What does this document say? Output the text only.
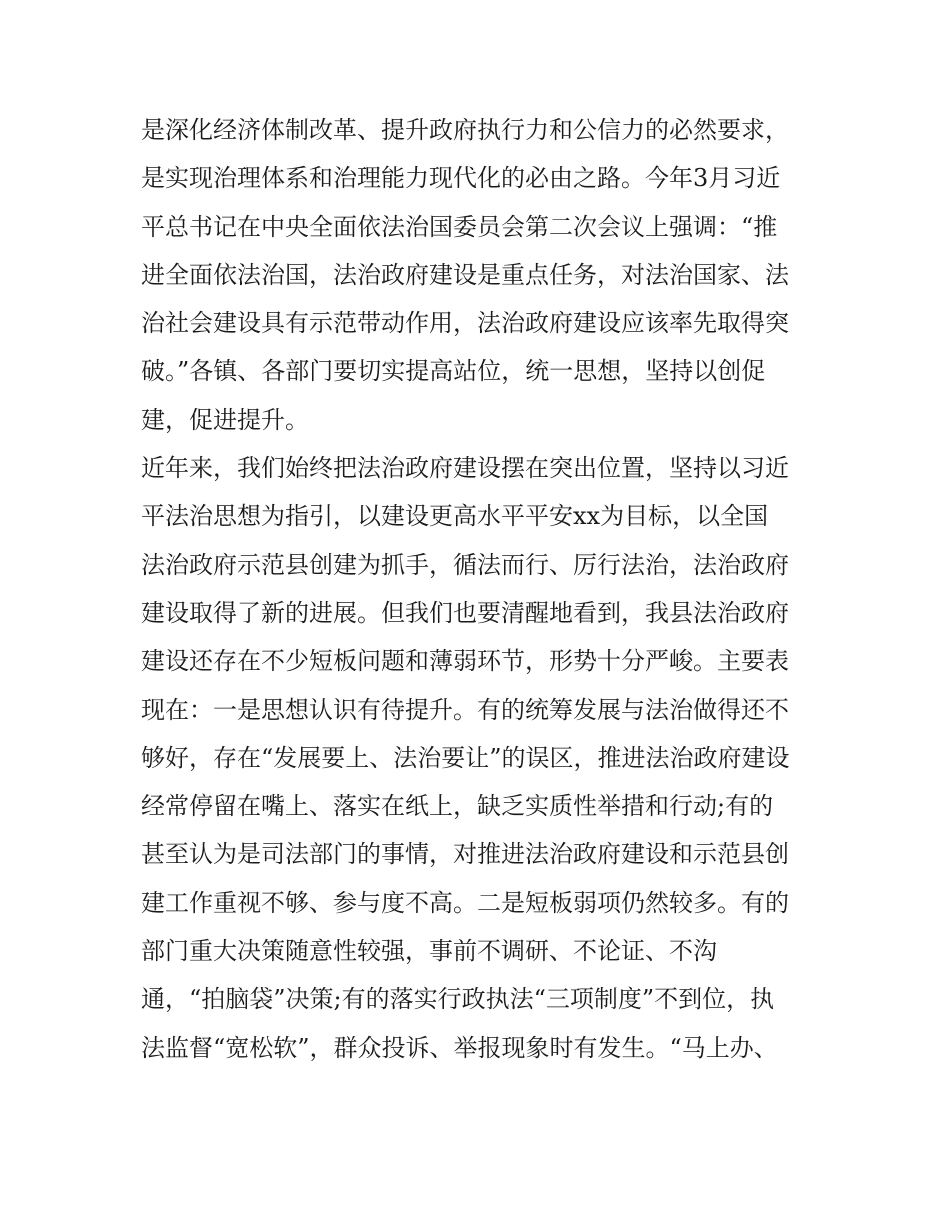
是深化经济体制改革、提升政府执行力和公信力的必然要求，
是实现治理体系和治理能力现代化的必由之路。今年3月习近
平总书记在中央全面依法治国委员会第二次会议上强调：“推
进全面依法治国，法治政府建设是重点任务，对法治国家、法
治社会建设具有示范带动作用，法治政府建设应该率先取得突
破。”各镇、各部门要切实提高站位，统一思想，坚持以创促
建，促进提升。
近年来，我们始终把法治政府建设摆在突出位置，坚持以习近
平法治思想为指引，以建设更高水平平安xx为目标，以全国
法治政府示范县创建为抓手，循法而行、厉行法治，法治政府
建设取得了新的进展。但我们也要清醒地看到，我县法治政府
建设还存在不少短板问题和薄弱环节，形势十分严峻。主要表
现在：一是思想认识有待提升。有的统筹发展与法治做得还不
够好，存在“发展要上、法治要让”的误区，推进法治政府建设
经常停留在嘴上、落实在纸上，缺乏实质性举措和行动;有的
甚至认为是司法部门的事情，对推进法治政府建设和示范县创
建工作重视不够、参与度不高。二是短板弱项仍然较多。有的
部门重大决策随意性较强，事前不调研、不论证、不沟
通，“拍脑袋”决策;有的落实行政执法“三项制度”不到位，执
法监督“宽松软”，群众投诉、举报现象时有发生。“马上办、
